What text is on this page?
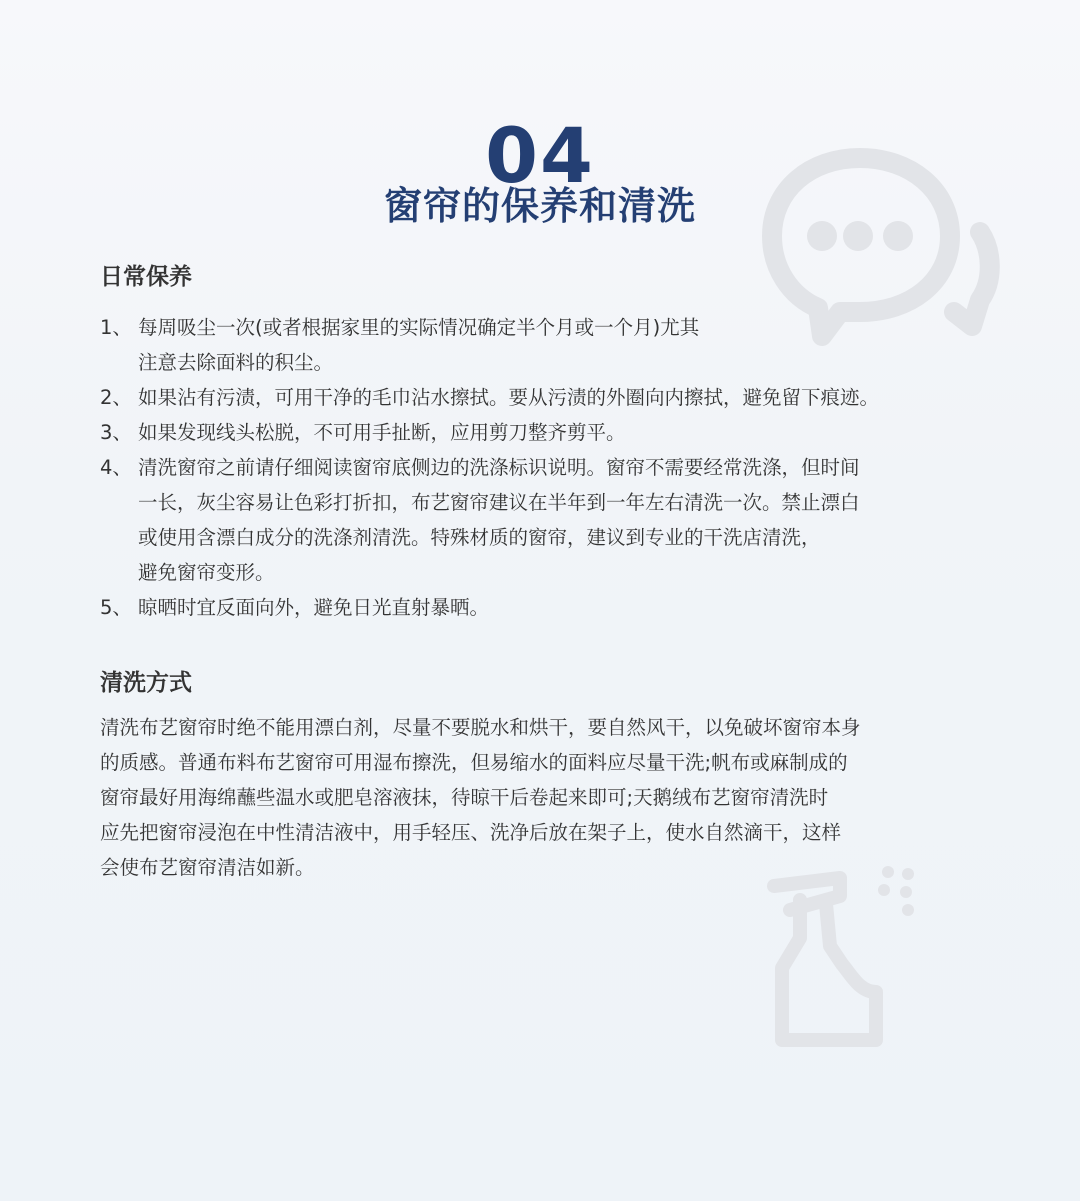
04
窗帘的保养和清洗
日常保养
1、 每周吸尘一次(或者根据家里的实际情况确定半个月或一个月)尤其
注意去除面料的积尘。
2、 如果沾有污渍，可用干净的毛巾沾水擦拭。要从污渍的外圈向内擦拭，避免留下痕迹。
3、 如果发现线头松脱，不可用手扯断，应用剪刀整齐剪平。
4、 清洗窗帘之前请仔细阅读窗帘底侧边的洗涤标识说明。窗帘不需要经常洗涤，但时间
一长，灰尘容易让色彩打折扣，布艺窗帘建议在半年到一年左右清洗一次。禁止漂白
或使用含漂白成分的洗涤剂清洗。特殊材质的窗帘，建议到专业的干洗店清洗，
避免窗帘变形。
5、 晾晒时宜反面向外，避免日光直射暴晒。
清洗方式
清洗布艺窗帘时绝不能用漂白剂，尽量不要脱水和烘干，要自然风干，以免破坏窗帘本身
的质感。普通布料布艺窗帘可用湿布擦洗，但易缩水的面料应尽量干洗;帆布或麻制成的
窗帘最好用海绵蘸些温水或肥皂溶液抹，待晾干后卷起来即可;天鹅绒布艺窗帘清洗时
应先把窗帘浸泡在中性清洁液中，用手轻压、洗净后放在架子上，使水自然滴干，这样
会使布艺窗帘清洁如新。
